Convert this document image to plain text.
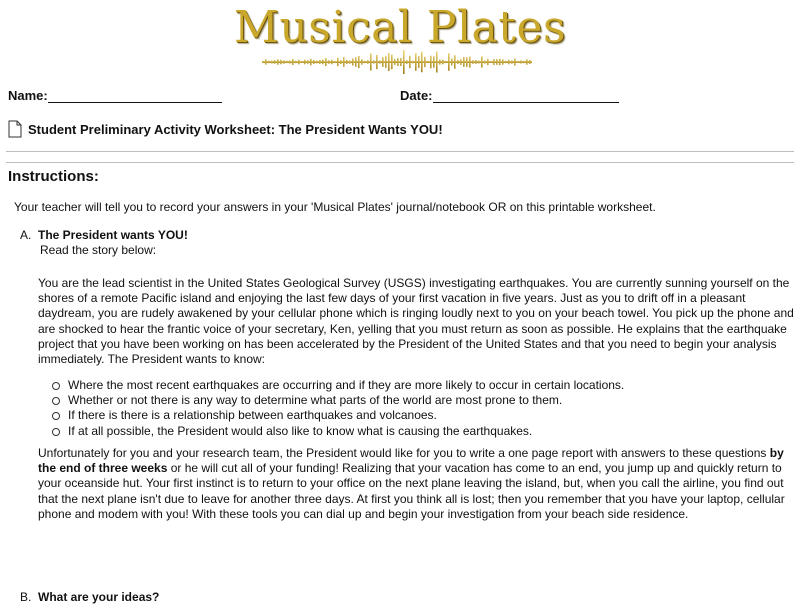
Musical Plates
Name:	Date:
Student Preliminary Activity Worksheet: The President Wants YOU!
Instructions:
Your teacher will tell you to record your answers in your 'Musical Plates' journal/notebook OR on this printable worksheet.
A. The President wants YOU!
Read the story below:

You are the lead scientist in the United States Geological Survey (USGS) investigating earthquakes. You are currently sunning yourself on the shores of a remote Pacific island and enjoying the last few days of your first vacation in five years. Just as you to drift off in a pleasant daydream, you are rudely awakened by your cellular phone which is ringing loudly next to you on your beach towel. You pick up the phone and are shocked to hear the frantic voice of your secretary, Ken, yelling that you must return as soon as possible. He explains that the earthquake project that you have been working on has been accelerated by the President of the United States and that you need to begin your analysis immediately. The President wants to know:

Where the most recent earthquakes are occurring and if they are more likely to occur in certain locations.
Whether or not there is any way to determine what parts of the world are most prone to them.
If there is there is a relationship between earthquakes and volcanoes.
If at all possible, the President would also like to know what is causing the earthquakes.

Unfortunately for you and your research team, the President would like for you to write a one page report with answers to these questions by the end of three weeks or he will cut all of your funding! Realizing that your vacation has come to an end, you jump up and quickly return to your oceanside hut. Your first instinct is to return to your office on the next plane leaving the island, but, when you call the airline, you find out that the next plane isn't due to leave for another three days. At first you think all is lost; then you remember that you have your laptop, cellular phone and modem with you! With these tools you can dial up and begin your investigation from your beach side residence.

B. What are your ideas?
